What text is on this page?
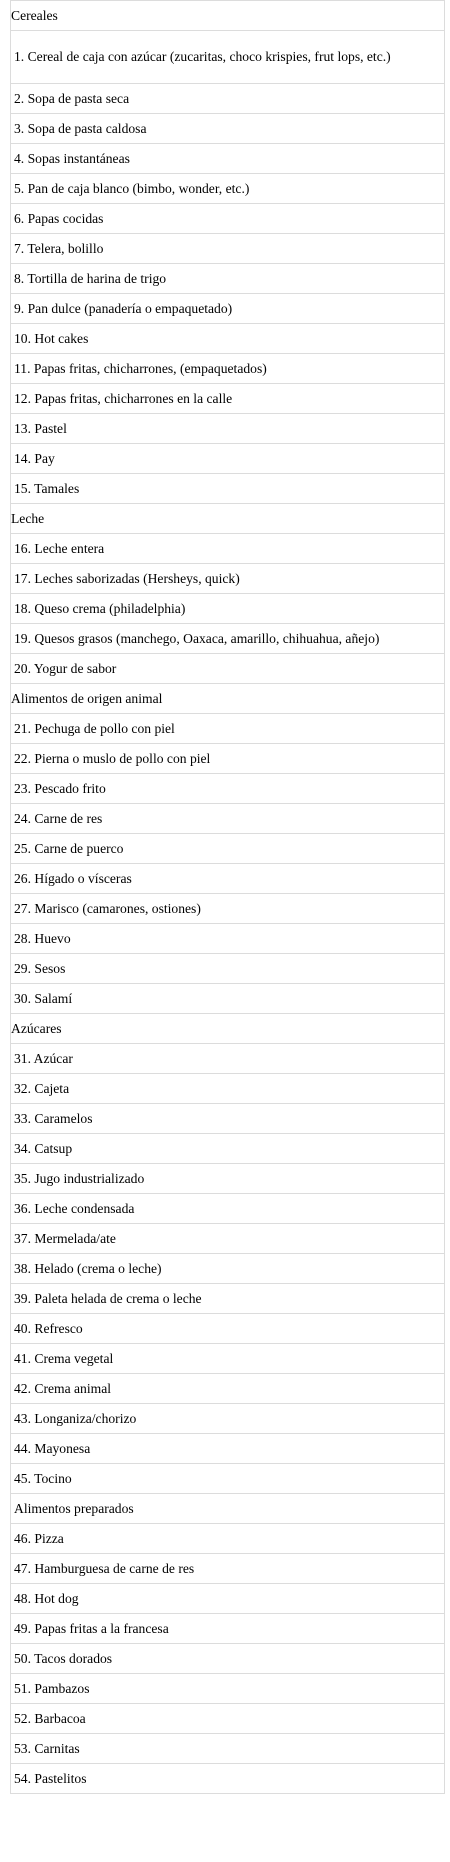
Cereales

1. Cereal de caja con azúcar (zucaritas, choco krispies, frut lops, etc.)

2. Sopa de pasta seca

3. Sopa de pasta caldosa

4. Sopas instantáneas

5. Pan de caja blanco (bimbo, wonder, etc.)

6. Papas cocidas

7. Telera, bolillo

8. Tortilla de harina de trigo

9. Pan dulce (panadería o empaquetado)

10. Hot cakes

11. Papas fritas, chicharrones, (empaquetados)

12. Papas fritas, chicharrones en la calle

13. Pastel

14. Pay

15. Tamales

Leche

16. Leche entera

17. Leches saborizadas (Hersheys, quick)

18. Queso crema (philadelphia)

19. Quesos grasos (manchego, Oaxaca, amarillo, chihuahua, añejo)

20. Yogur de sabor

Alimentos de origen animal

21. Pechuga de pollo con piel

22. Pierna o muslo de pollo con piel

23. Pescado frito

24. Carne de res

25. Carne de puerco

26. Hígado o vísceras

27. Marisco (camarones, ostiones)

28. Huevo

29. Sesos

30. Salamí

Azúcares

31. Azúcar

32. Cajeta

33. Caramelos

34. Catsup

35. Jugo industrializado

36. Leche condensada

37. Mermelada/ate

38. Helado (crema o leche)

39. Paleta helada de crema o leche

40. Refresco

41. Crema vegetal

42. Crema animal

43. Longaniza/chorizo

44. Mayonesa

45. Tocino

Alimentos preparados

46. Pizza

47. Hamburguesa de carne de res

48. Hot dog

49. Papas fritas a la francesa

50. Tacos dorados

51. Pambazos

52. Barbacoa

53. Carnitas

54. Pastelitos
